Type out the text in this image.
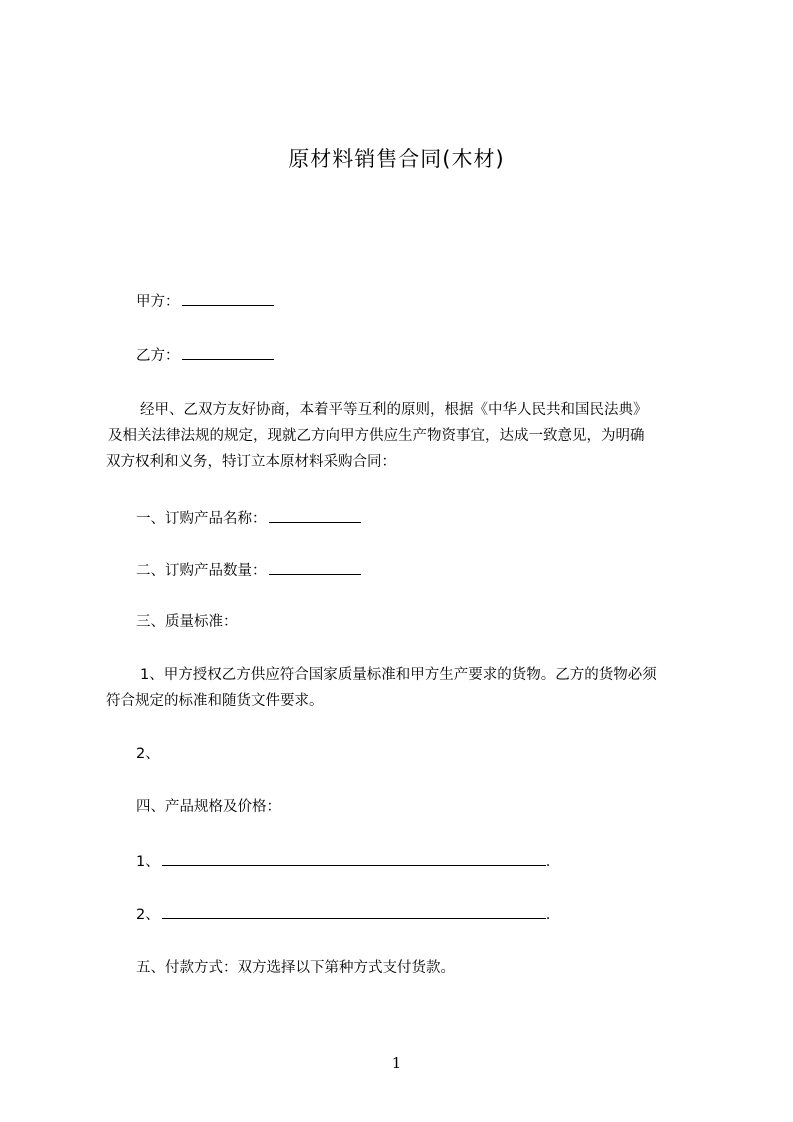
原材料销售合同(木材)
甲方：
乙方：
经甲、乙双方友好协商，本着平等互利的原则，根据《中华人民共和国民法典》
及相关法律法规的规定，现就乙方向甲方供应生产物资事宜，达成一致意见，为明确
双方权利和义务，特订立本原材料采购合同：
一、订购产品名称：
二、订购产品数量：
三、质量标准：
1、甲方授权乙方供应符合国家质量标准和甲方生产要求的货物。乙方的货物必须
符合规定的标准和随货文件要求。
2、
四、产品规格及价格：
1、	.
2、	.
五、付款方式：双方选择以下第种方式支付货款。
1
